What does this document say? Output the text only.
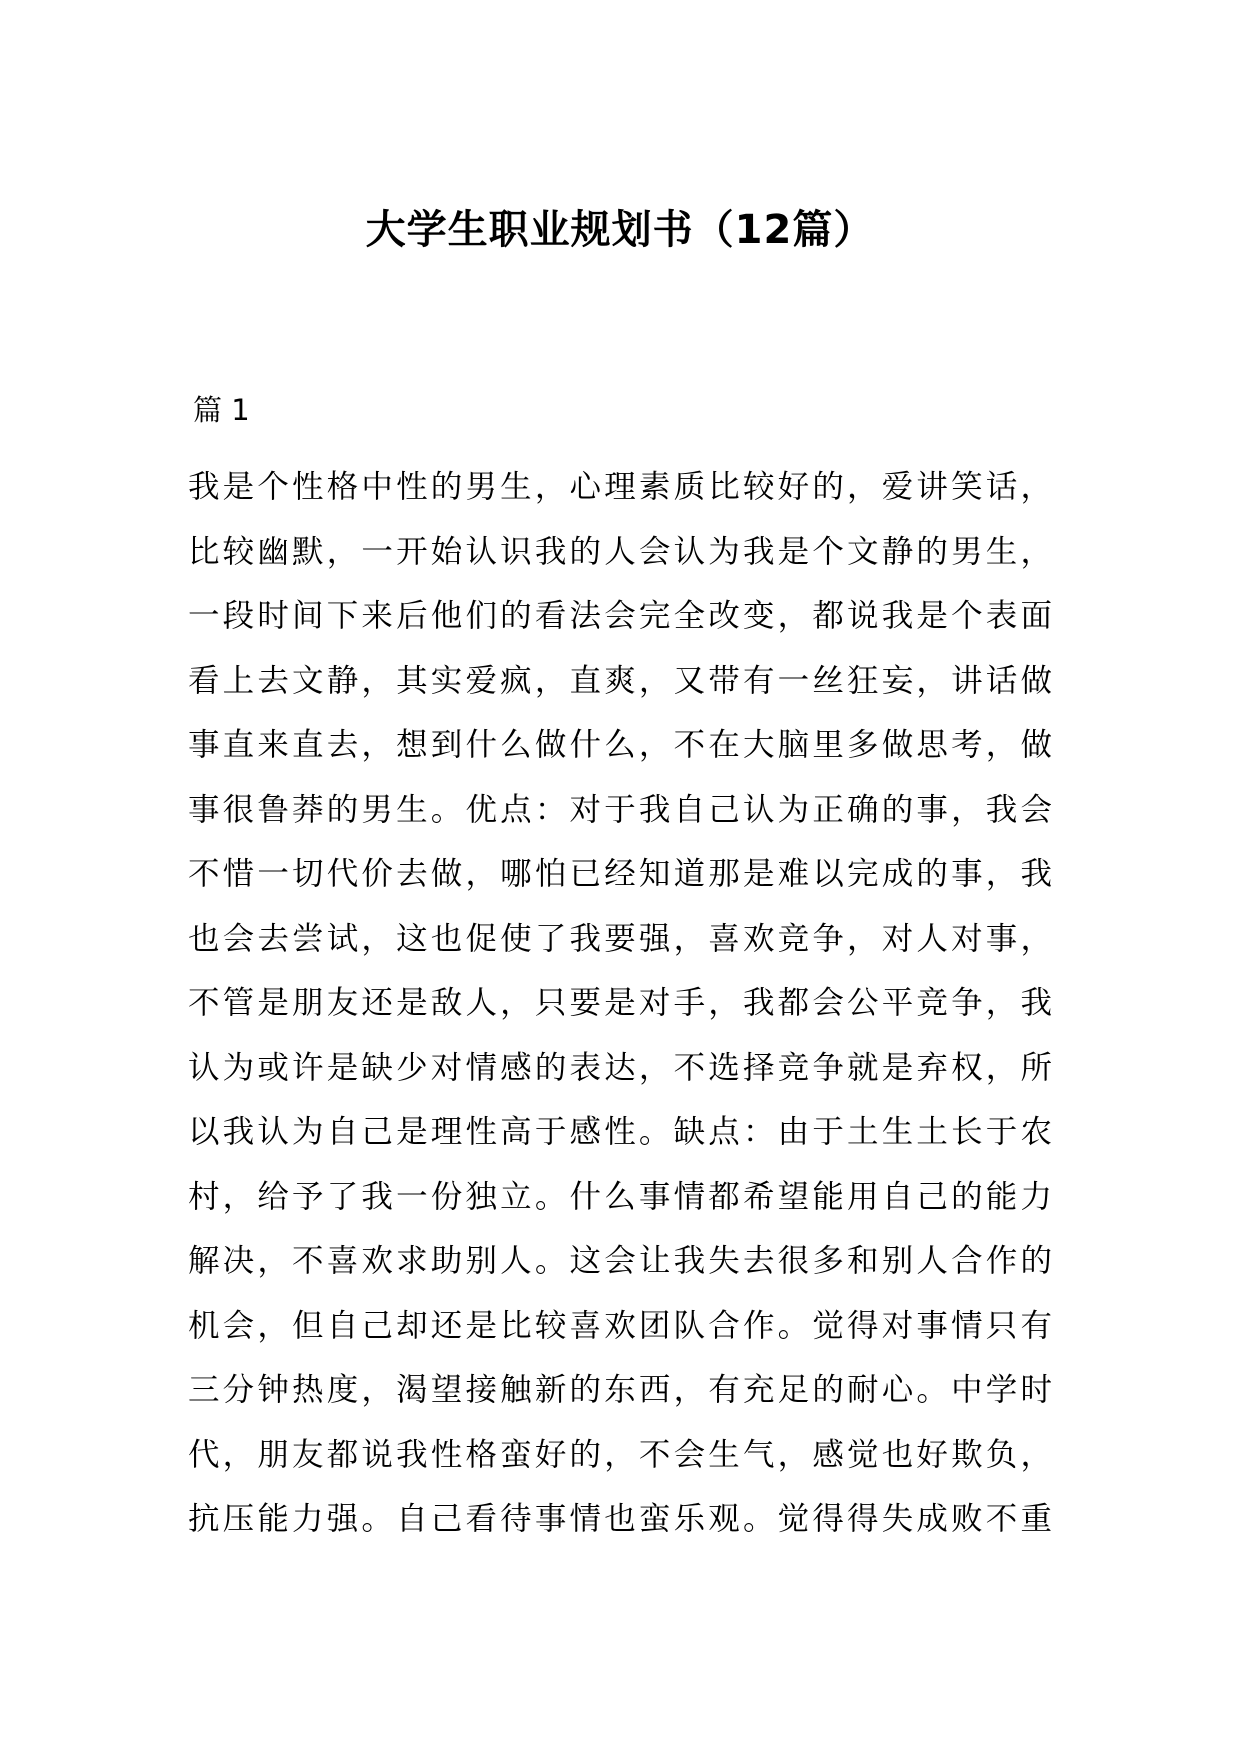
大学生职业规划书（12篇）

篇 1

我是个性格中性的男生，心理素质比较好的，爱讲笑话，
比较幽默，一开始认识我的人会认为我是个文静的男生，
一段时间下来后他们的看法会完全改变，都说我是个表面
看上去文静，其实爱疯，直爽，又带有一丝狂妄，讲话做
事直来直去，想到什么做什么，不在大脑里多做思考，做
事很鲁莽的男生。优点：对于我自己认为正确的事，我会
不惜一切代价去做，哪怕已经知道那是难以完成的事，我
也会去尝试，这也促使了我要强，喜欢竞争，对人对事，
不管是朋友还是敌人，只要是对手，我都会公平竞争，我
认为或许是缺少对情感的表达，不选择竞争就是弃权，所
以我认为自己是理性高于感性。缺点：由于土生土长于农
村，给予了我一份独立。什么事情都希望能用自己的能力
解决，不喜欢求助别人。这会让我失去很多和别人合作的
机会，但自己却还是比较喜欢团队合作。觉得对事情只有
三分钟热度，渴望接触新的东西，有充足的耐心。中学时
代，朋友都说我性格蛮好的，不会生气，感觉也好欺负，
抗压能力强。自己看待事情也蛮乐观。觉得得失成败不重
